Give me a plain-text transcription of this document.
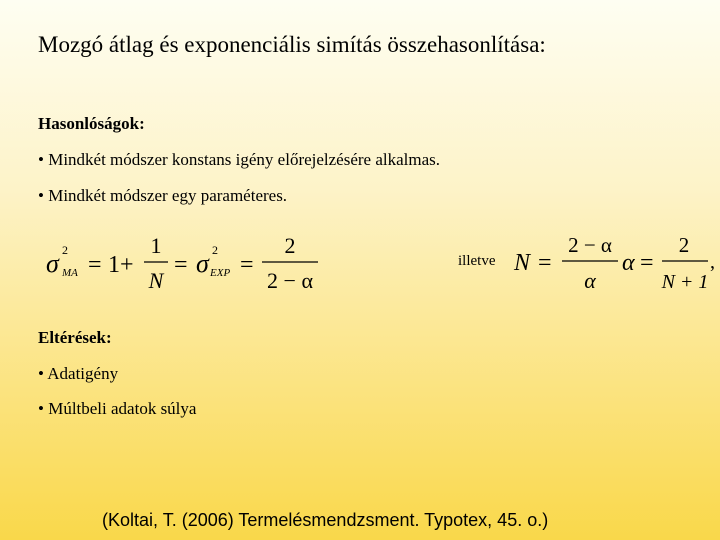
Mozgó átlag és exponenciális simítás összehasonlítása:
Hasonlóságok:
• Mindkét módszer konstans igény előrejelzésére alkalmas.
• Mindkét módszer egy paraméteres.
σ 2
MA = 1+
1
N
= σ 2
EXP =
2
2 − α
illetve N =
2 − α
α
α =
2
N + 1
,
Eltérések:
• Adatigény
• Múltbeli adatok súlya
(Koltai, T. (2006) Termelésmendzsment. Typotex, 45. o.)
